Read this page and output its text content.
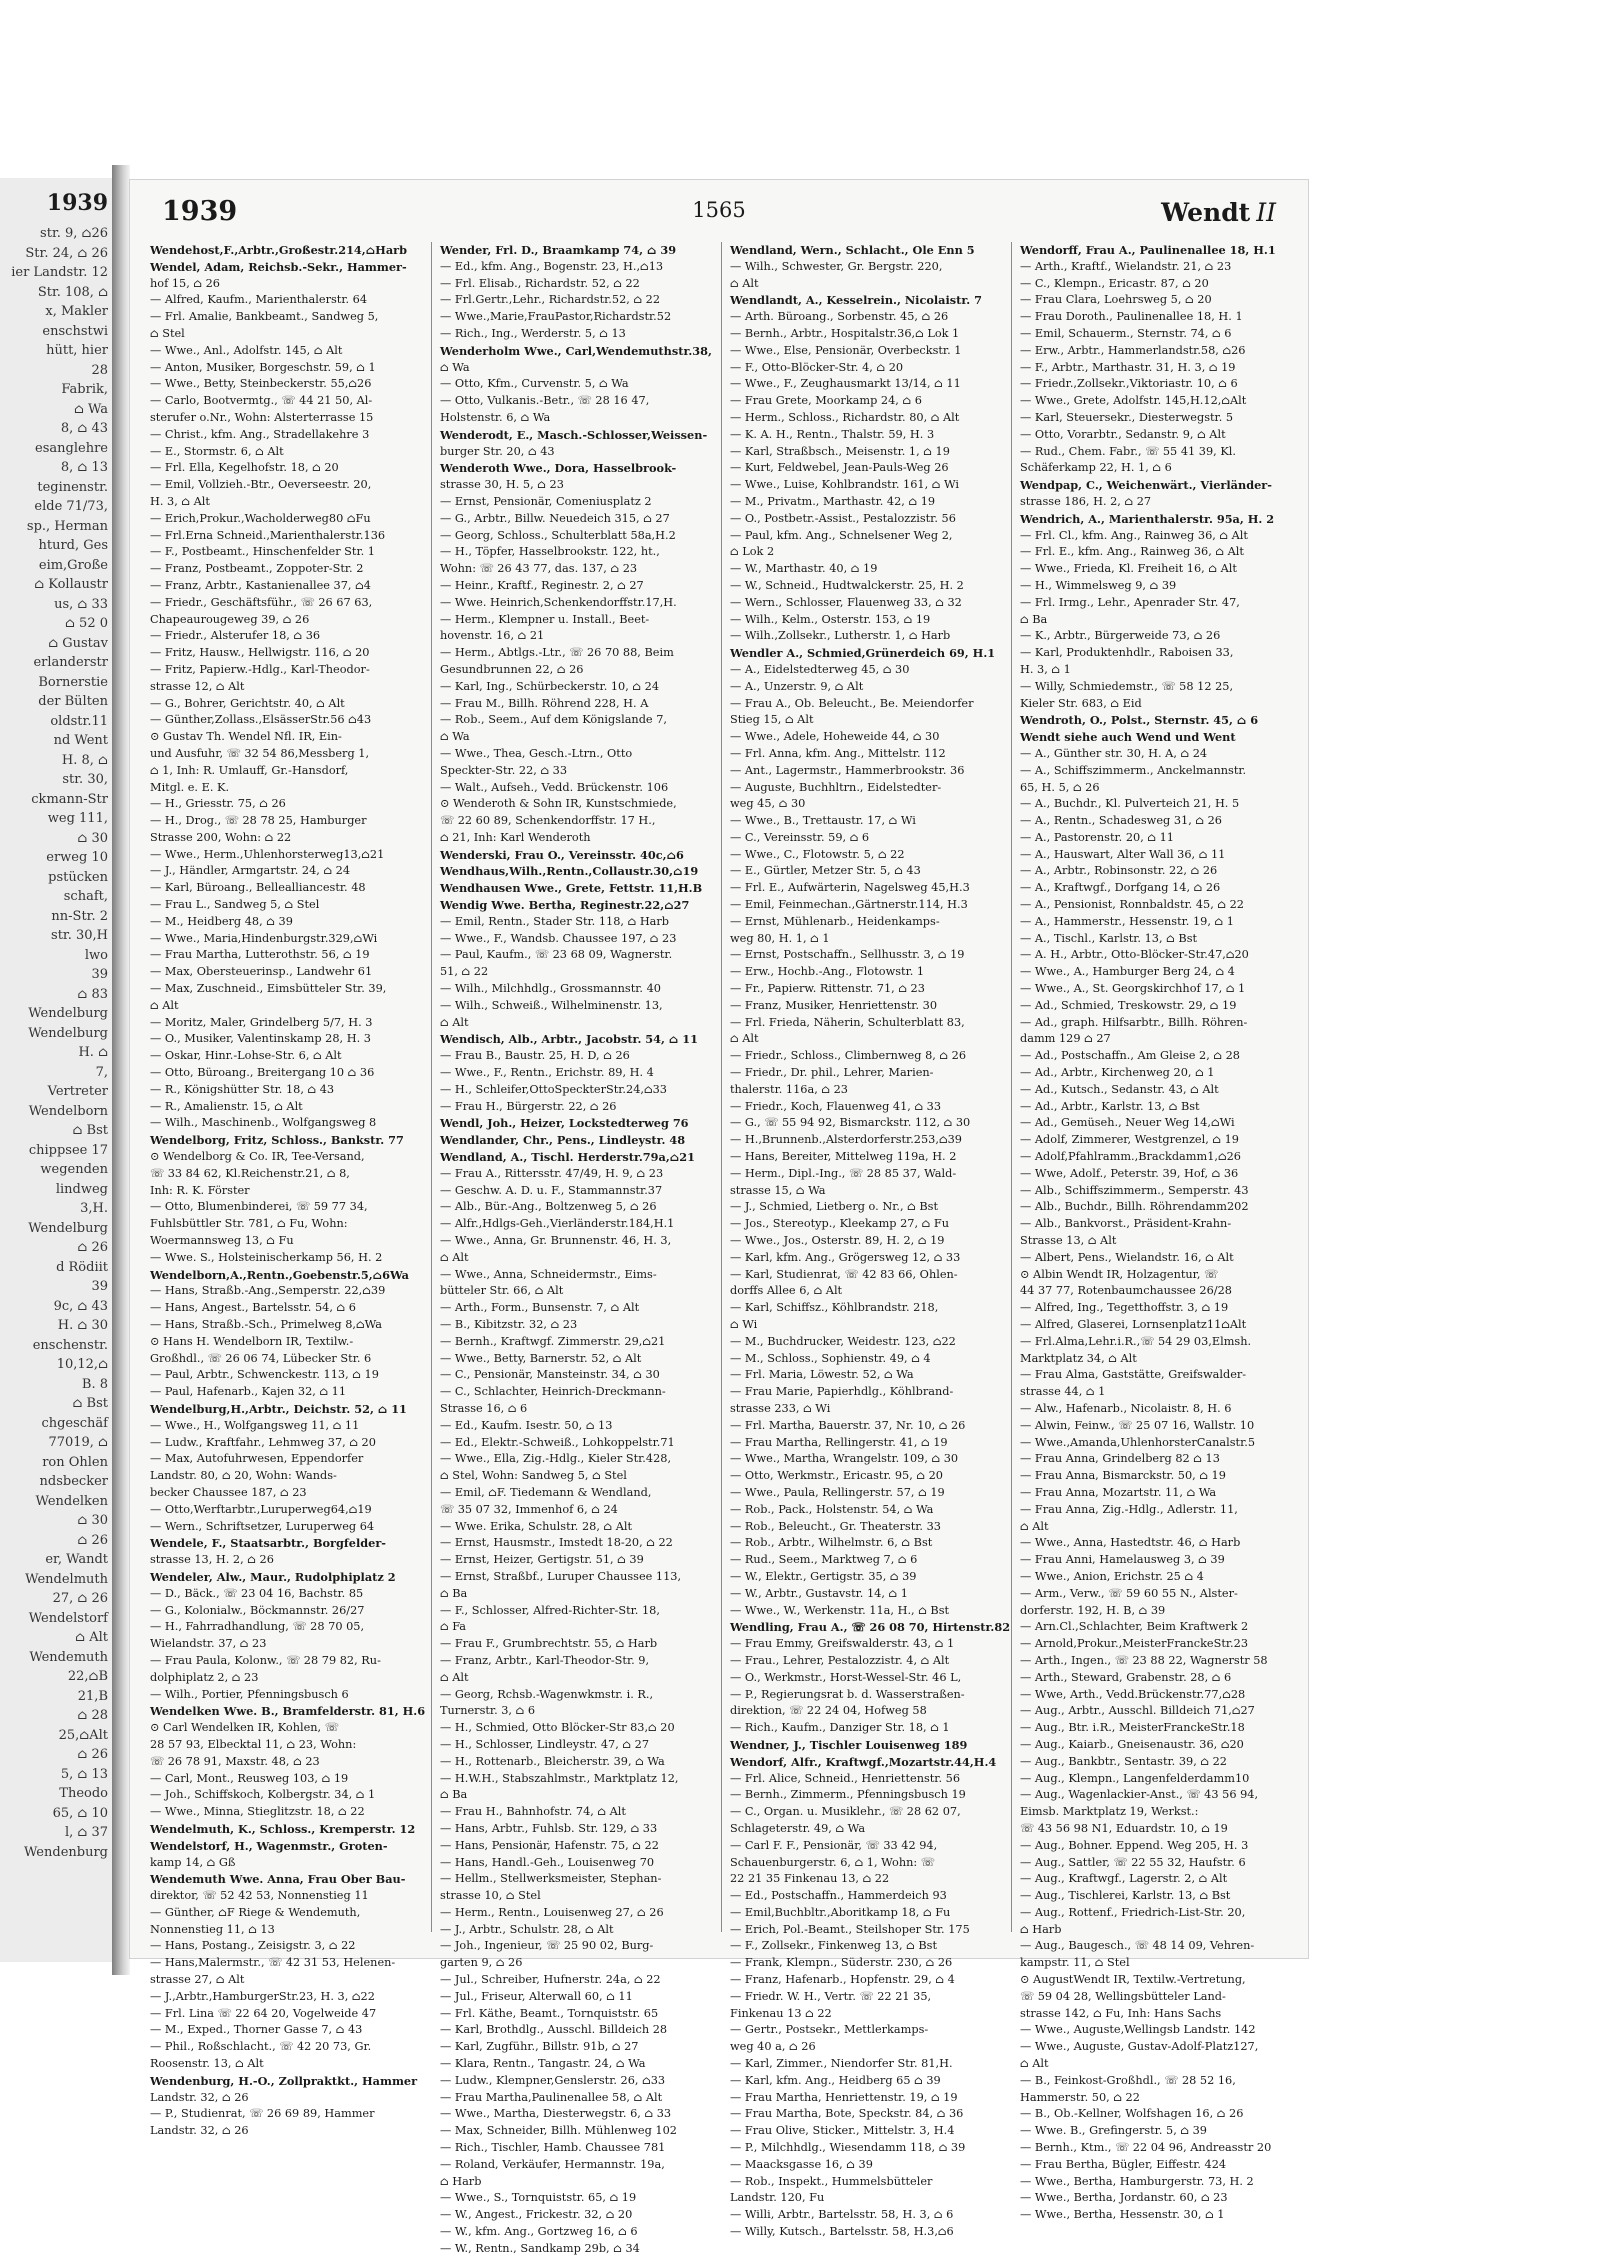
1939
str. 9, ⌂26
Str. 24, ⌂ 26
ier Landstr. 12
Str. 108, ⌂
x, Makler
enschstwi
hütt, hier
28
Fabrik,
⌂ Wa
8, ⌂ 43
esanglehre
8, ⌂ 13
teginenstr.
elde 71/73,
sp., Herman
hturd, Ges
eim,Große
⌂ Kollaustr
us, ⌂ 33
⌂ 52 0
⌂ Gustav
erlanderstr
Bornerstie
der Bülten
oldstr.11
nd Went
H. 8, ⌂
str. 30,
ckmann-Str
weg 111,
⌂ 30
erweg 10
pstücken
schaft,
nn-Str. 2
str. 30,H
lwo
39
⌂ 83
Wendelburg
Wendelburg
H. ⌂
7,
Vertreter
Wendelborn
⌂ Bst
chippsee 17
wegenden
lindweg
3,H.
Wendelburg
⌂ 26
d Rödiit
39
9c, ⌂ 43
H. ⌂ 30
enschenstr.
10,12,⌂
B. 8
⌂ Bst
chgeschäf
77019, ⌂
ron Ohlen
ndsbecker
Wendelken
⌂ 30
⌂ 26
er, Wandt
Wendelmuth
27, ⌂ 26
Wendelstorf
⌂ Alt
Wendemuth
22,⌂B
21,B
⌂ 28
25,⌂Alt
⌂ 26
5, ⌂ 13
Theodo
65, ⌂ 10
l, ⌂ 37
Wendenburg
1939	1565	Wendt II
Wendehost,F.,Arbtr.,Großestr.214,⌂Harb
Wendel, Adam, Reichsb.-Sekr., Hammer-
hof 15, ⌂ 26
— Alfred, Kaufm., Marienthalerstr. 64
— Frl. Amalie, Bankbeamt., Sandweg 5,
⌂ Stel
— Wwe., Anl., Adolfstr. 145, ⌂ Alt
— Anton, Musiker, Borgeschstr. 59, ⌂ 1
— Wwe., Betty, Steinbeckerstr. 55,⌂26
— Carlo, Bootvermtg., ☏ 44 21 50, Al-
sterufer o.Nr., Wohn: Alsterterrasse 15
— Christ., kfm. Ang., Stradellakehre 3
— E., Stormstr. 6, ⌂ Alt
— Frl. Ella, Kegelhofstr. 18, ⌂ 20
— Emil, Vollzieh.-Btr., Oeverseestr. 20,
H. 3, ⌂ Alt
— Erich,Prokur.,Wacholderweg80 ⌂Fu
— Frl.Erna Schneid.,Marienthalerstr.136
— F., Postbeamt., Hinschenfelder Str. 1
— Franz, Postbeamt., Zoppoter-Str. 2
— Franz, Arbtr., Kastanienallee 37, ⌂4
— Friedr., Geschäftsführ., ☏ 26 67 63,
Chapeaurougeweg 39, ⌂ 26
— Friedr., Alsterufer 18, ⌂ 36
— Fritz, Hausw., Hellwigstr. 116, ⌂ 20
— Fritz, Papierw.-Hdlg., Karl-Theodor-
strasse 12, ⌂ Alt
— G., Bohrer, Gerichtstr. 40, ⌂ Alt
— Günther,Zollass.,ElsässerStr.56 ⌂43
⊙ Gustav Th. Wendel Nfl. IR, Ein-
und Ausfuhr, ☏ 32 54 86,Messberg 1,
⌂ 1, Inh: R. Umlauff, Gr.-Hansdorf,
Mitgl. e. E. K.
— H., Griesstr. 75, ⌂ 26
— H., Drog., ☏ 28 78 25, Hamburger
Strasse 200, Wohn: ⌂ 22
— Wwe., Herm.,Uhlenhorsterweg13,⌂21
— J., Händler, Armgartstr. 24, ⌂ 24
— Karl, Büroang., Bellealliancestr. 48
— Frau L., Sandweg 5, ⌂ Stel
— M., Heidberg 48, ⌂ 39
— Wwe., Maria,Hindenburgstr.329,⌂Wi
— Frau Martha, Lutterothstr. 56, ⌂ 19
— Max, Obersteuerinsp., Landwehr 61
— Max, Zuschneid., Eimsbütteler Str. 39,
⌂ Alt
— Moritz, Maler, Grindelberg 5/7, H. 3
— O., Musiker, Valentinskamp 28, H. 3
— Oskar, Hinr.-Lohse-Str. 6, ⌂ Alt
— Otto, Büroang., Breitergang 10 ⌂ 36
— R., Königshütter Str. 18, ⌂ 43
— R., Amalienstr. 15, ⌂ Alt
— Wilh., Maschinenb., Wolfgangsweg 8
Wendelborg, Fritz, Schloss., Bankstr. 77
⊙ Wendelborg & Co. IR, Tee-Versand,
☏ 33 84 62, Kl.Reichenstr.21, ⌂ 8,
Inh: R. K. Förster
— Otto, Blumenbinderei, ☏ 59 77 34,
Fuhlsbüttler Str. 781, ⌂ Fu, Wohn:
Woermannsweg 13, ⌂ Fu
— Wwe. S., Holsteinischerkamp 56, H. 2
Wendelborn,A.,Rentn.,Goebenstr.5,⌂6Wa
— Hans, Straßb.-Ang.,Semperstr. 22,⌂39
— Hans, Angest., Bartelsstr. 54, ⌂ 6
— Hans, Straßb.-Sch., Primelweg 8,⌂Wa
⊙ Hans H. Wendelborn IR, Textilw.-
Großhdl., ☏ 26 06 74, Lübecker Str. 6
— Paul, Arbtr., Schwenckestr. 113, ⌂ 19
— Paul, Hafenarb., Kajen 32, ⌂ 11
Wendelburg,H.,Arbtr., Deichstr. 52, ⌂ 11
— Wwe., H., Wolfgangsweg 11, ⌂ 11
— Ludw., Kraftfahr., Lehmweg 37, ⌂ 20
— Max, Autofuhrwesen, Eppendorfer
Landstr. 80, ⌂ 20, Wohn: Wands-
becker Chaussee 187, ⌂ 23
— Otto,Werftarbtr.,Luruperweg64,⌂19
— Wern., Schriftsetzer, Luruperweg 64
Wendele, F., Staatsarbtr., Borgfelder-
strasse 13, H. 2, ⌂ 26
Wendeler, Alw., Maur., Rudolphiplatz 2
— D., Bäck., ☏ 23 04 16, Bachstr. 85
— G., Kolonialw., Böckmannstr. 26/27
— H., Fahrradhandlung, ☏ 28 70 05,
Wielandstr. 37, ⌂ 23
— Frau Paula, Kolonw., ☏ 28 79 82, Ru-
dolphiplatz 2, ⌂ 23
— Wilh., Portier, Pfenningsbusch 6
Wendelken Wwe. B., Bramfelderstr. 81, H.6
⊙ Carl Wendelken IR, Kohlen, ☏
28 57 93, Elbecktal 11, ⌂ 23, Wohn:
☏ 26 78 91, Maxstr. 48, ⌂ 23
— Carl, Mont., Reusweg 103, ⌂ 19
— Joh., Schiffskoch, Kolbergstr. 34, ⌂ 1
— Wwe., Minna, Stieglitzstr. 18, ⌂ 22
Wendelmuth, K., Schloss., Kremperstr. 12
Wendelstorf, H., Wagenmstr., Groten-
kamp 14, ⌂ Gß
Wendemuth Wwe. Anna, Frau Ober Bau-
direktor, ☏ 52 42 53, Nonnenstieg 11
— Günther, ⌂F Riege & Wendemuth,
Nonnenstieg 11, ⌂ 13
— Hans, Postang., Zeisigstr. 3, ⌂ 22
— Hans,Malermstr., ☏ 42 31 53, Helenen-
strasse 27, ⌂ Alt
— J.,Arbtr.,HamburgerStr.23, H. 3, ⌂22
— Frl. Lina ☏ 22 64 20, Vogelweide 47
— M., Exped., Thorner Gasse 7, ⌂ 43
— Phil., Roßschlacht., ☏ 42 20 73, Gr.
Roosenstr. 13, ⌂ Alt
Wendenburg, H.-O., Zollpraktkt., Hammer
Landstr. 32, ⌂ 26
— P., Studienrat, ☏ 26 69 89, Hammer
Landstr. 32, ⌂ 26
Wender, Frl. D., Braamkamp 74, ⌂ 39
— Ed., kfm. Ang., Bogenstr. 23, H.,⌂13
— Frl. Elisab., Richardstr. 52, ⌂ 22
— Frl.Gertr.,Lehr., Richardstr.52, ⌂ 22
— Wwe.,Marie,FrauPastor,Richardstr.52
— Rich., Ing., Werderstr. 5, ⌂ 13
Wenderholm Wwe., Carl,Wendemuthstr.38,
⌂ Wa
— Otto, Kfm., Curvenstr. 5, ⌂ Wa
— Otto, Vulkanis.-Betr., ☏ 28 16 47,
Holstenstr. 6, ⌂ Wa
Wenderodt, E., Masch.-Schlosser,Weissen-
burger Str. 20, ⌂ 43
Wenderoth Wwe., Dora, Hasselbrook-
strasse 30, H. 5, ⌂ 23
— Ernst, Pensionär, Comeniusplatz 2
— G., Arbtr., Billw. Neuedeich 315, ⌂ 27
— Georg, Schloss., Schulterblatt 58a,H.2
— H., Töpfer, Hasselbrookstr. 122, ht.,
Wohn: ☏ 26 43 77, das. 137, ⌂ 23
— Heinr., Kraftf., Reginestr. 2, ⌂ 27
— Wwe. Heinrich,Schenkendorffstr.17,H.
— Herm., Klempner u. Install., Beet-
hovenstr. 16, ⌂ 21
— Herm., Abtlgs.-Ltr., ☏ 26 70 88, Beim
Gesundbrunnen 22, ⌂ 26
— Karl, Ing., Schürbeckerstr. 10, ⌂ 24
— Frau M., Billh. Röhrend 228, H. A
— Rob., Seem., Auf dem Königslande 7,
⌂ Wa
— Wwe., Thea, Gesch.-Ltrn., Otto
Speckter-Str. 22, ⌂ 33
— Walt., Aufseh., Vedd. Brückenstr. 106
⊙ Wenderoth & Sohn IR, Kunstschmiede,
☏ 22 60 89, Schenkendorffstr. 17 H.,
⌂ 21, Inh: Karl Wenderoth
Wenderski, Frau O., Vereinsstr. 40c,⌂6
Wendhaus,Wilh.,Rentn.,Collaustr.30,⌂19
Wendhausen Wwe., Grete, Fettstr. 11,H.B
Wendig Wwe. Bertha, Reginestr.22,⌂27
— Emil, Rentn., Stader Str. 118, ⌂ Harb
— Wwe., F., Wandsb. Chaussee 197, ⌂ 23
— Paul, Kaufm., ☏ 23 68 09, Wagnerstr.
51, ⌂ 22
— Wilh., Milchhdlg., Grossmannstr. 40
— Wilh., Schweiß., Wilhelminenstr. 13,
⌂ Alt
Wendisch, Alb., Arbtr., Jacobstr. 54, ⌂ 11
— Frau B., Baustr. 25, H. D, ⌂ 26
— Wwe., F., Rentn., Erichstr. 89, H. 4
— H., Schleifer,OttoSpeckterStr.24,⌂33
— Frau H., Bürgerstr. 22, ⌂ 26
Wendl, Joh., Heizer, Lockstedterweg 76
Wendlander, Chr., Pens., Lindleystr. 48
Wendland, A., Tischl. Herderstr.79a,⌂21
— Frau A., Rittersstr. 47/49, H. 9, ⌂ 23
— Geschw. A. D. u. F., Stammannstr.37
— Alb., Bür.-Ang., Boltzenweg 5, ⌂ 26
— Alfr.,Hdlgs-Geh.,Vierländerstr.184,H.1
— Wwe., Anna, Gr. Brunnenstr. 46, H. 3,
⌂ Alt
— Wwe., Anna, Schneidermstr., Eims-
bütteler Str. 66, ⌂ Alt
— Arth., Form., Bunsenstr. 7, ⌂ Alt
— B., Kibitzstr. 32, ⌂ 23
— Bernh., Kraftwgf. Zimmerstr. 29,⌂21
— Wwe., Betty, Barnerstr. 52, ⌂ Alt
— C., Pensionär, Mansteinstr. 34, ⌂ 30
— C., Schlachter, Heinrich-Dreckmann-
Strasse 16, ⌂ 6
— Ed., Kaufm. Isestr. 50, ⌂ 13
— Ed., Elektr.-Schweiß., Lohkoppelstr.71
— Wwe., Ella, Zig.-Hdlg., Kieler Str.428,
⌂ Stel, Wohn: Sandweg 5, ⌂ Stel
— Emil, ⌂F. Tiedemann & Wendland,
☏ 35 07 32, Immenhof 6, ⌂ 24
— Wwe. Erika, Schulstr. 28, ⌂ Alt
— Ernst, Hausmstr., Imstedt 18-20, ⌂ 22
— Ernst, Heizer, Gertigstr. 51, ⌂ 39
— Ernst, Straßbf., Luruper Chaussee 113,
⌂ Ba
— F., Schlosser, Alfred-Richter-Str. 18,
⌂ Fa
— Frau F., Grumbrechtstr. 55, ⌂ Harb
— Franz, Arbtr., Karl-Theodor-Str. 9,
⌂ Alt
— Georg, Rchsb.-Wagenwkmstr. i. R.,
Turnerstr. 3, ⌂ 6
— H., Schmied, Otto Blöcker-Str 83,⌂ 20
— H., Schlosser, Lindleystr. 47, ⌂ 27
— H., Rottenarb., Bleicherstr. 39, ⌂ Wa
— H.W.H., Stabszahlmstr., Marktplatz 12,
⌂ Ba
— Frau H., Bahnhofstr. 74, ⌂ Alt
— Hans, Arbtr., Fuhlsb. Str. 129, ⌂ 33
— Hans, Pensionär, Hafenstr. 75, ⌂ 22
— Hans, Handl.-Geh., Louisenweg 70
— Hellm., Stellwerksmeister, Stephan-
strasse 10, ⌂ Stel
— Herm., Rentn., Louisenweg 27, ⌂ 26
— J., Arbtr., Schulstr. 28, ⌂ Alt
— Joh., Ingenieur, ☏ 25 90 02, Burg-
garten 9, ⌂ 26
— Jul., Schreiber, Hufnerstr. 24a, ⌂ 22
— Jul., Friseur, Alterwall 60, ⌂ 11
— Frl. Käthe, Beamt., Tornquiststr. 65
— Karl, Brothdlg., Ausschl. Billdeich 28
— Karl, Zugführ., Billstr. 91b, ⌂ 27
— Klara, Rentn., Tangastr. 24, ⌂ Wa
— Ludw., Klempner,Genslerstr. 26, ⌂33
— Frau Martha,Paulinenallee 58, ⌂ Alt
— Wwe., Martha, Diesterwegstr. 6, ⌂ 33
— Max, Schneider, Billh. Mühlenweg 102
— Rich., Tischler, Hamb. Chaussee 781
— Roland, Verkäufer, Hermannstr. 19a,
⌂ Harb
— Wwe., S., Tornquiststr. 65, ⌂ 19
— W., Angest., Frickestr. 32, ⌂ 20
— W., kfm. Ang., Gortzweg 16, ⌂ 6
— W., Rentn., Sandkamp 29b, ⌂ 34
Wendland, Wern., Schlacht., Ole Enn 5
— Wilh., Schwester, Gr. Bergstr. 220,
⌂ Alt
Wendlandt, A., Kesselrein., Nicolaistr. 7
— Arth. Büroang., Sorbenstr. 45, ⌂ 26
— Bernh., Arbtr., Hospitalstr.36,⌂ Lok 1
— Wwe., Else, Pensionär, Overbeckstr. 1
— F., Otto-Blöcker-Str. 4, ⌂ 20
— Wwe., F., Zeughausmarkt 13/14, ⌂ 11
— Frau Grete, Moorkamp 24, ⌂ 6
— Herm., Schloss., Richardstr. 80, ⌂ Alt
— K. A. H., Rentn., Thalstr. 59, H. 3
— Karl, Straßbsch., Meisenstr. 1, ⌂ 19
— Kurt, Feldwebel, Jean-Pauls-Weg 26
— Wwe., Luise, Kohlbrandstr. 161, ⌂ Wi
— M., Privatm., Marthastr. 42, ⌂ 19
— O., Postbetr.-Assist., Pestalozzistr. 56
— Paul, kfm. Ang., Schnelsener Weg 2,
⌂ Lok 2
— W., Marthastr. 40, ⌂ 19
— W., Schneid., Hudtwalckerstr. 25, H. 2
— Wern., Schlosser, Flauenweg 33, ⌂ 32
— Wilh., Kelm., Osterstr. 153, ⌂ 19
— Wilh.,Zollsekr., Lutherstr. 1, ⌂ Harb
Wendler A., Schmied,Grünerdeich 69, H.1
— A., Eidelstedterweg 45, ⌂ 30
— A., Unzerstr. 9, ⌂ Alt
— Frau A., Ob. Beleucht., Be. Meiendorfer
Stieg 15, ⌂ Alt
— Wwe., Adele, Hoheweide 44, ⌂ 30
— Frl. Anna, kfm. Ang., Mittelstr. 112
— Ant., Lagermstr., Hammerbrookstr. 36
— Auguste, Buchhltrn., Eidelstedter-
weg 45, ⌂ 30
— Wwe., B., Trettaustr. 17, ⌂ Wi
— C., Vereinsstr. 59, ⌂ 6
— Wwe., C., Flotowstr. 5, ⌂ 22
— E., Gürtler, Metzer Str. 5, ⌂ 43
— Frl. E., Aufwärterin, Nagelsweg 45,H.3
— Emil, Feinmechan.,Gärtnerstr.114, H.3
— Ernst, Mühlenarb., Heidenkamps-
weg 80, H. 1, ⌂ 1
— Ernst, Postschaffn., Sellhusstr. 3, ⌂ 19
— Erw., Hochb.-Ang., Flotowstr. 1
— Fr., Papierw. Rittenstr. 71, ⌂ 23
— Franz, Musiker, Henriettenstr. 30
— Frl. Frieda, Näherin, Schulterblatt 83,
⌂ Alt
— Friedr., Schloss., Climbernweg 8, ⌂ 26
— Friedr., Dr. phil., Lehrer, Marien-
thalerstr. 116a, ⌂ 23
— Friedr., Koch, Flauenweg 41, ⌂ 33
— G., ☏ 55 94 92, Bismarckstr. 112, ⌂ 30
— H.,Brunnenb.,Alsterdorferstr.253,⌂39
— Hans, Bereiter, Mittelweg 119a, H. 2
— Herm., Dipl.-Ing., ☏ 28 85 37, Wald-
strasse 15, ⌂ Wa
— J., Schmied, Lietberg o. Nr., ⌂ Bst
— Jos., Stereotyp., Kleekamp 27, ⌂ Fu
— Wwe., Jos., Osterstr. 89, H. 2, ⌂ 19
— Karl, kfm. Ang., Grögersweg 12, ⌂ 33
— Karl, Studienrat, ☏ 42 83 66, Ohlen-
dorffs Allee 6, ⌂ Alt
— Karl, Schiffsz., Köhlbrandstr. 218,
⌂ Wi
— M., Buchdrucker, Weidestr. 123, ⌂22
— M., Schloss., Sophienstr. 49, ⌂ 4
— Frl. Maria, Löwestr. 52, ⌂ Wa
— Frau Marie, Papierhdlg., Köhlbrand-
strasse 233, ⌂ Wi
— Frl. Martha, Bauerstr. 37, Nr. 10, ⌂ 26
— Frau Martha, Rellingerstr. 41, ⌂ 19
— Wwe., Martha, Wrangelstr. 109, ⌂ 30
— Otto, Werkmstr., Ericastr. 95, ⌂ 20
— Wwe., Paula, Rellingerstr. 57, ⌂ 19
— Rob., Pack., Holstenstr. 54, ⌂ Wa
— Rob., Beleucht., Gr. Theaterstr. 33
— Rob., Arbtr., Wilhelmstr. 6, ⌂ Bst
— Rud., Seem., Marktweg 7, ⌂ 6
— W., Elektr., Gertigstr. 35, ⌂ 39
— W., Arbtr., Gustavstr. 14, ⌂ 1
— Wwe., W., Werkenstr. 11a, H., ⌂ Bst
Wendling, Frau A., ☏ 26 08 70, Hirtenstr.82
— Frau Emmy, Greifswalderstr. 43, ⌂ 1
— Frau., Lehrer, Pestalozzistr. 4, ⌂ Alt
— O., Werkmstr., Horst-Wessel-Str. 46 L,
— P., Regierungsrat b. d. Wasserstraßen-
direktion, ☏ 22 24 04, Hofweg 58
— Rich., Kaufm., Danziger Str. 18, ⌂ 1
Wendner, J., Tischler Louisenweg 189
Wendorf, Alfr., Kraftwgf.,Mozartstr.44,H.4
— Frl. Alice, Schneid., Henriettenstr. 56
— Bernh., Zimmerm., Pfenningsbusch 19
— C., Organ. u. Musiklehr., ☏ 28 62 07,
Schlageterstr. 49, ⌂ Wa
— Carl F. F., Pensionär, ☏ 33 42 94,
Schauenburgerstr. 6, ⌂ 1, Wohn: ☏
22 21 35 Finkenau 13, ⌂ 22
— Ed., Postschaffn., Hammerdeich 93
— Emil,Buchbltr.,Aboritkamp 18, ⌂ Fu
— Erich, Pol.-Beamt., Steilshoper Str. 175
— F., Zollsekr., Finkenweg 13, ⌂ Bst
— Frank, Klempn., Süderstr. 230, ⌂ 26
— Franz, Hafenarb., Hopfenstr. 29, ⌂ 4
— Friedr. W. H., Vertr. ☏ 22 21 35,
Finkenau 13 ⌂ 22
— Gertr., Postsekr., Mettlerkamps-
weg 40 a, ⌂ 26
— Karl, Zimmer., Niendorfer Str. 81,H.
— Karl, kfm. Ang., Heidberg 65 ⌂ 39
— Frau Martha, Henriettenstr. 19, ⌂ 19
— Frau Martha, Bote, Speckstr. 84, ⌂ 36
— Frau Olive, Sticker., Mittelstr. 3, H.4
— P., Milchhdlg., Wiesendamm 118, ⌂ 39
— Maacksgasse 16, ⌂ 39
— Rob., Inspekt., Hummelsbütteler
Landstr. 120, Fu
— Willi, Arbtr., Bartelsstr. 58, H. 3, ⌂ 6
— Willy, Kutsch., Bartelsstr. 58, H.3,⌂6
Wendorff, Frau A., Paulinenallee 18, H.1
— Arth., Kraftf., Wielandstr. 21, ⌂ 23
— C., Klempn., Ericastr. 87, ⌂ 20
— Frau Clara, Loehrsweg 5, ⌂ 20
— Frau Doroth., Paulinenallee 18, H. 1
— Emil, Schauerm., Sternstr. 74, ⌂ 6
— Erw., Arbtr., Hammerlandstr.58, ⌂26
— F., Arbtr., Marthastr. 31, H. 3, ⌂ 19
— Friedr.,Zollsekr.,Viktoriastr. 10, ⌂ 6
— Wwe., Grete, Adolfstr. 145,H.12,⌂Alt
— Karl, Steuersekr., Diesterwegstr. 5
— Otto, Vorarbtr., Sedanstr. 9, ⌂ Alt
— Rud., Chem. Fabr., ☏ 55 41 39, Kl.
Schäferkamp 22, H. 1, ⌂ 6
Wendpap, C., Weichenwärt., Vierländer-
strasse 186, H. 2, ⌂ 27
Wendrich, A., Marienthalerstr. 95a, H. 2
— Frl. Cl., kfm. Ang., Rainweg 36, ⌂ Alt
— Frl. E., kfm. Ang., Rainweg 36, ⌂ Alt
— Wwe., Frieda, Kl. Freiheit 16, ⌂ Alt
— H., Wimmelsweg 9, ⌂ 39
— Frl. Irmg., Lehr., Apenrader Str. 47,
⌂ Ba
— K., Arbtr., Bürgerweide 73, ⌂ 26
— Karl, Produktenhdlr., Raboisen 33,
H. 3, ⌂ 1
— Willy, Schmiedemstr., ☏ 58 12 25,
Kieler Str. 683, ⌂ Eid
Wendroth, O., Polst., Sternstr. 45, ⌂ 6
Wendt siehe auch Wend und Went
— A., Günther str. 30, H. A, ⌂ 24
— A., Schiffszimmerm., Anckelmannstr.
65, H. 5, ⌂ 26
— A., Buchdr., Kl. Pulverteich 21, H. 5
— A., Rentn., Schadesweg 31, ⌂ 26
— A., Pastorenstr. 20, ⌂ 11
— A., Hauswart, Alter Wall 36, ⌂ 11
— A., Arbtr., Robinsonstr. 22, ⌂ 26
— A., Kraftwgf., Dorfgang 14, ⌂ 26
— A., Pensionist, Ronnbaldstr. 45, ⌂ 22
— A., Hammerstr., Hessenstr. 19, ⌂ 1
— A., Tischl., Karlstr. 13, ⌂ Bst
— A. H., Arbtr., Otto-Blöcker-Str.47,⌂20
— Wwe., A., Hamburger Berg 24, ⌂ 4
— Wwe., A., St. Georgskirchhof 17, ⌂ 1
— Ad., Schmied, Treskowstr. 29, ⌂ 19
— Ad., graph. Hilfsarbtr., Billh. Röhren-
damm 129 ⌂ 27
— Ad., Postschaffn., Am Gleise 2, ⌂ 28
— Ad., Arbtr., Kirchenweg 20, ⌂ 1
— Ad., Kutsch., Sedanstr. 43, ⌂ Alt
— Ad., Arbtr., Karlstr. 13, ⌂ Bst
— Ad., Gemüseh., Neuer Weg 14,⌂Wi
— Adolf, Zimmerer, Westgrenzel, ⌂ 19
— Adolf,Pfahlramm.,Brackdamm1,⌂26
— Wwe, Adolf., Peterstr. 39, Hof, ⌂ 36
— Alb., Schiffszimmerm., Semperstr. 43
— Alb., Buchdr., Billh. Röhrendamm202
— Alb., Bankvorst., Präsident-Krahn-
Strasse 13, ⌂ Alt
— Albert, Pens., Wielandstr. 16, ⌂ Alt
⊙ Albin Wendt IR, Holzagentur, ☏
44 37 77, Rotenbaumchaussee 26/28
— Alfred, Ing., Tegetthoffstr. 3, ⌂ 19
— Alfred, Glaserei, Lornsenplatz11⌂Alt
— Frl.Alma,Lehr.i.R.,☏ 54 29 03,Elmsh.
Marktplatz 34, ⌂ Alt
— Frau Alma, Gaststätte, Greifswalder-
strasse 44, ⌂ 1
— Alw., Hafenarb., Nicolaistr. 8, H. 6
— Alwin, Feinw., ☏ 25 07 16, Wallstr. 10
— Wwe.,Amanda,UhlenhorsterCanalstr.5
— Frau Anna, Grindelberg 82 ⌂ 13
— Frau Anna, Bismarckstr. 50, ⌂ 19
— Frau Anna, Mozartstr. 11, ⌂ Wa
— Frau Anna, Zig.-Hdlg., Adlerstr. 11,
⌂ Alt
— Wwe., Anna, Hastedtstr. 46, ⌂ Harb
— Frau Anni, Hamelausweg 3, ⌂ 39
— Wwe., Anion, Erichstr. 25 ⌂ 4
— Arm., Verw., ☏ 59 60 55 N., Alster-
dorferstr. 192, H. B, ⌂ 39
— Arn.Cl.,Schlachter, Beim Kraftwerk 2
— Arnold,Prokur.,MeisterFranckeStr.23
— Arth., Ingen., ☏ 23 88 22, Wagnerstr 58
— Arth., Steward, Grabenstr. 28, ⌂ 6
— Wwe, Arth., Vedd.Brückenstr.77,⌂28
— Aug., Arbtr., Ausschl. Billdeich 71,⌂27
— Aug., Btr. i.R., MeisterFranckeStr.18
— Aug., Kaiarb., Gneisenaustr. 36, ⌂20
— Aug., Bankbtr., Sentastr. 39, ⌂ 22
— Aug., Klempn., Langenfelderdamm10
— Aug., Wagenlackier-Anst., ☏ 43 56 94,
Eimsb. Marktplatz 19, Werkst.:
☏ 43 56 98 N1, Eduardstr. 10, ⌂ 19
— Aug., Bohner. Eppend. Weg 205, H. 3
— Aug., Sattler, ☏ 22 55 32, Haufstr. 6
— Aug., Kraftwgf., Lagerstr. 2, ⌂ Alt
— Aug., Tischlerei, Karlstr. 13, ⌂ Bst
— Aug., Rottenf., Friedrich-List-Str. 20,
⌂ Harb
— Aug., Baugesch., ☏ 48 14 09, Vehren-
kampstr. 11, ⌂ Stel
⊙ AugustWendt IR, Textilw.-Vertretung,
☏ 59 04 28, Wellingsbütteler Land-
strasse 142, ⌂ Fu, Inh: Hans Sachs
— Wwe., Auguste,Wellingsb Landstr. 142
— Wwe., Auguste, Gustav-Adolf-Platz127,
⌂ Alt
— B., Feinkost-Großhdl., ☏ 28 52 16,
Hammerstr. 50, ⌂ 22
— B., Ob.-Kellner, Wolfshagen 16, ⌂ 26
— Wwe. B., Grefingerstr. 5, ⌂ 39
— Bernh., Ktm., ☏ 22 04 96, Andreasstr 20
— Frau Bertha, Bügler, Eiffestr. 424
— Wwe., Bertha, Hamburgerstr. 73, H. 2
— Wwe., Bertha, Jordanstr. 60, ⌂ 23
— Wwe., Bertha, Hessenstr. 30, ⌂ 1
